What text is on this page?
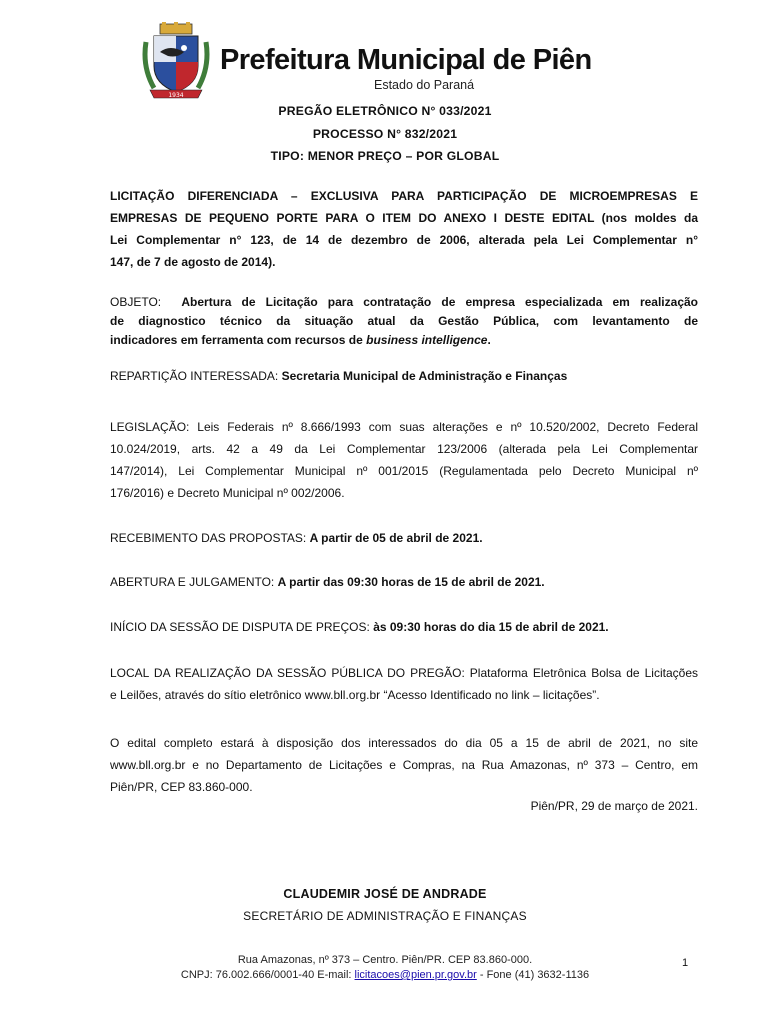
1934
Prefeitura Municipal de Piên
Estado do Paraná
PREGÃO ELETRÔNICO N° 033/2021
PROCESSO N° 832/2021
TIPO: MENOR PREÇO – POR GLOBAL
LICITAÇÃO DIFERENCIADA – EXCLUSIVA PARA PARTICIPAÇÃO DE MICROEMPRESAS E
EMPRESAS DE PEQUENO PORTE PARA O ITEM DO ANEXO I DESTE EDITAL (nos moldes da
Lei Complementar n° 123, de 14 de dezembro de 2006, alterada pela Lei Complementar n°
147, de 7 de agosto de 2014).
OBJETO: Abertura de Licitação para contratação de empresa especializada em realização
de diagnostico técnico da situação atual da Gestão Pública, com levantamento de
indicadores em ferramenta com recursos de business intelligence.
REPARTIÇÃO INTERESSADA: Secretaria Municipal de Administração e Finanças
LEGISLAÇÃO: Leis Federais nº 8.666/1993 com suas alterações e nº 10.520/2002, Decreto Federal
10.024/2019, arts. 42 a 49 da Lei Complementar 123/2006 (alterada pela Lei Complementar
147/2014), Lei Complementar Municipal nº 001/2015 (Regulamentada pelo Decreto Municipal nº
176/2016) e Decreto Municipal nº 002/2006.
RECEBIMENTO DAS PROPOSTAS: A partir de 05 de abril de 2021.
ABERTURA E JULGAMENTO: A partir das 09:30 horas de 15 de abril de 2021.
INÍCIO DA SESSÃO DE DISPUTA DE PREÇOS: às 09:30 horas do dia 15 de abril de 2021.
LOCAL DA REALIZAÇÃO DA SESSÃO PÚBLICA DO PREGÃO: Plataforma Eletrônica Bolsa de Licitações
e Leilões, através do sítio eletrônico www.bll.org.br “Acesso Identificado no link – licitações”.
O edital completo estará à disposição dos interessados do dia 05 a 15 de abril de 2021, no site
www.bll.org.br e no Departamento de Licitações e Compras, na Rua Amazonas, nº 373 – Centro, em
Piên/PR, CEP 83.860-000.
Piên/PR, 29 de março de 2021.
CLAUDEMIR JOSÉ DE ANDRADE
SECRETÁRIO DE ADMINISTRAÇÃO E FINANÇAS
Rua Amazonas, nº 373 – Centro. Piên/PR. CEP 83.860-000.
CNPJ: 76.002.666/0001-40 E-mail: licitacoes@pien.pr.gov.br - Fone (41) 3632-1136
1
